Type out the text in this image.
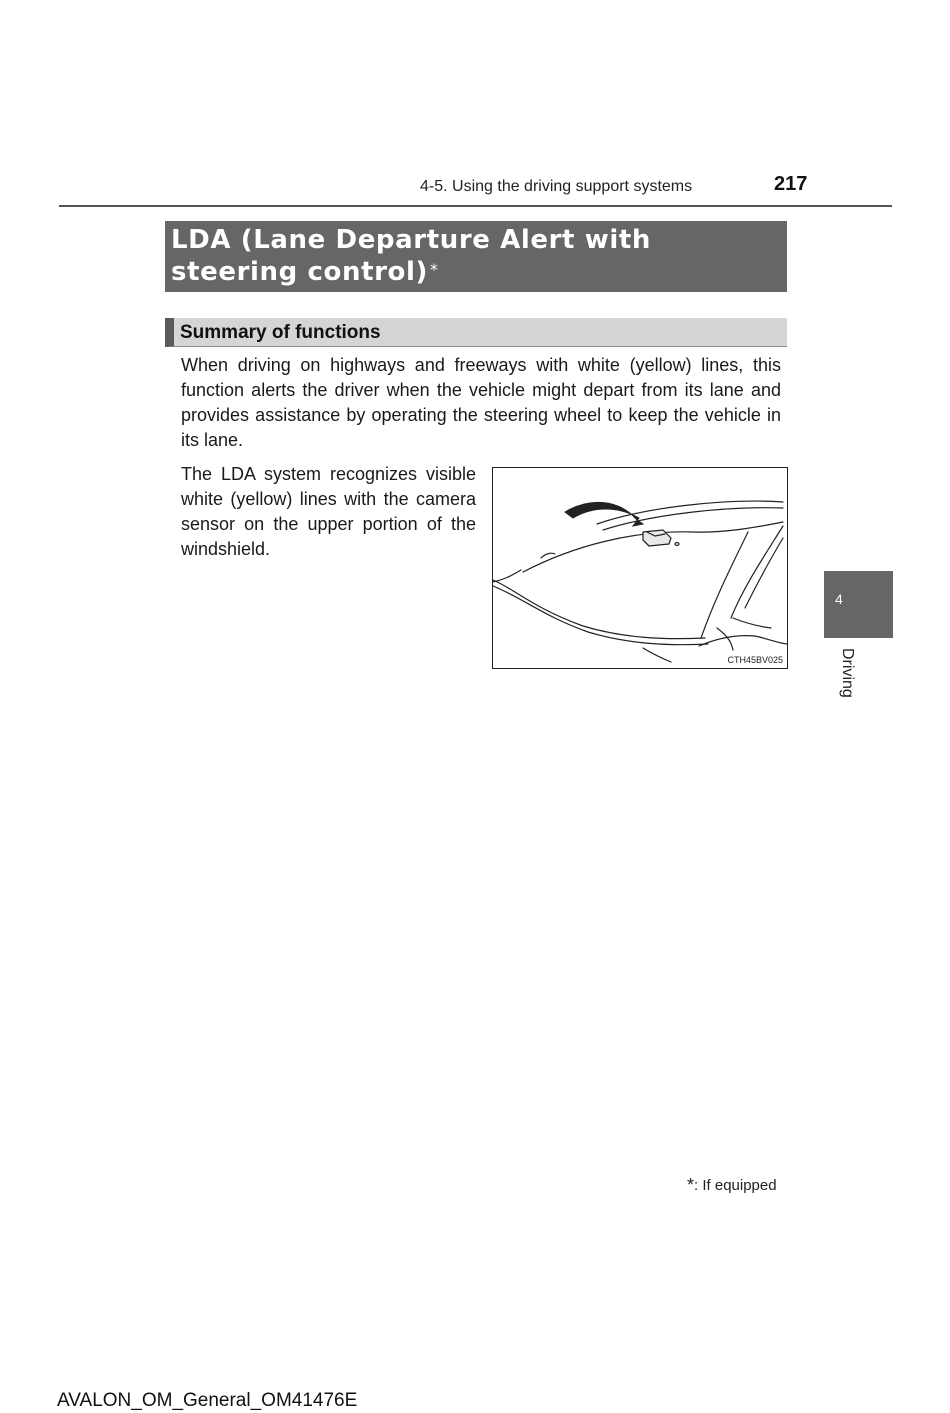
4-5. Using the driving support systems	217
LDA (Lane Departure Alert with steering control) *
Summary of functions

When driving on highways and freeways with white (yellow) lines, this function alerts the driver when the vehicle might depart from its lane and provides assistance by operating the steering wheel to keep the vehicle in its lane.

The LDA system recognizes visible white (yellow) lines with the camera sensor on the upper portion of the windshield.

CTH45BV025
4
Driving
*: If equipped
AVALON_OM_General_OM41476E
